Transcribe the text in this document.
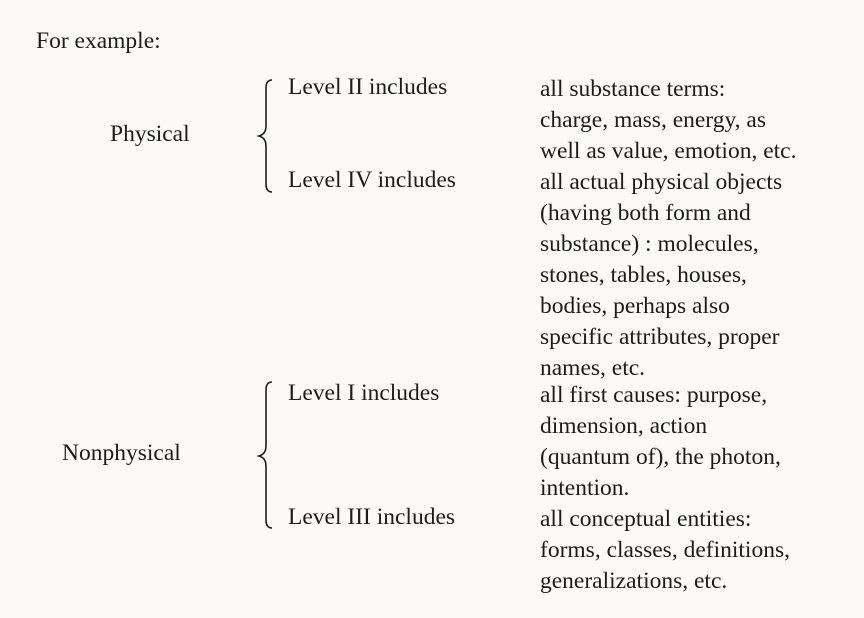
For example:
Physical
Level II includes	all substance terms:
charge, mass, energy, as
well as value, emotion, etc.
Level IV includes	all actual physical objects
(having both form and
substance) : molecules,
stones, tables, houses,
bodies, perhaps also
specific attributes, proper
names, etc.
Nonphysical
Level I includes	all first causes: purpose,
dimension, action
(quantum of), the photon,
intention.
Level III includes	all conceptual entities:
forms, classes, definitions,
generalizations, etc.
